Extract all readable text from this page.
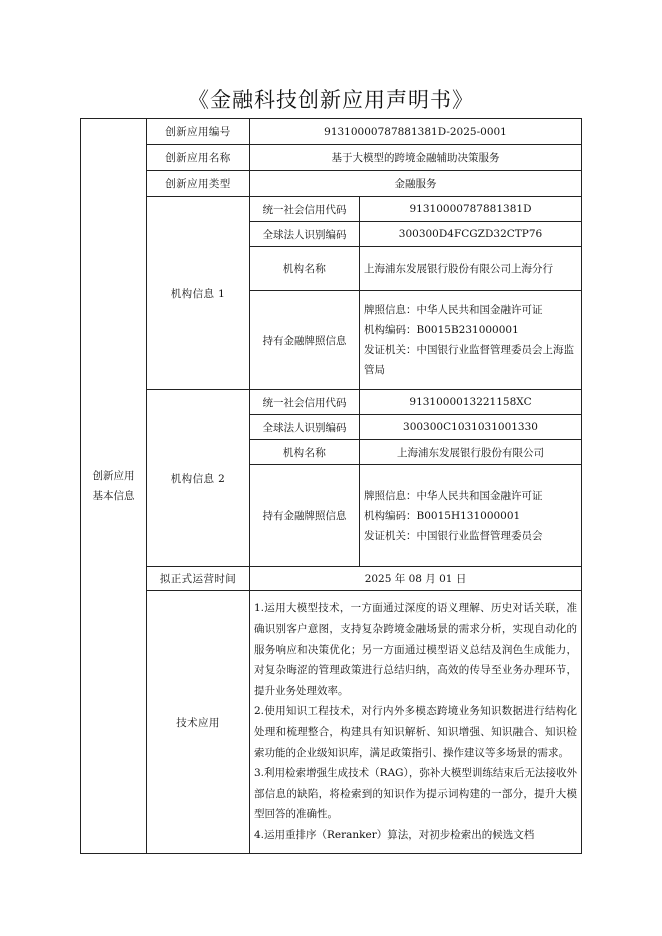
《金融科技创新应用声明书》
创新应用基本信息	创新应用编号	91310000787881381D-2025-0001	
	创新应用名称	基于大模型的跨境金融辅助决策服务	
	创新应用类型	金融服务	
	机构信息 1	统一社会信用代码	91310000787881381D
		全球法人识别编码	300300D4FCGZD32CTP76
		机构名称	上海浦东发展银行股份有限公司上海分行
		持有金融牌照信息	牌照信息：中华人民共和国金融许可证
机构编码：B0015B231000001
发证机关：中国银行业监督管理委员会上海监管局

	机构信息 2	统一社会信用代码	9131000013221158XC
		全球法人识别编码	300300C1031031001330
		机构名称	上海浦东发展银行股份有限公司
		持有金融牌照信息	牌照信息：中华人民共和国金融许可证
机构编码：B0015H131000001
发证机关：中国银行业监督管理委员会

	拟正式运营时间	2025 年 08 月 01 日	
	技术应用	1.运用大模型技术，一方面通过深度的语义理解、历史对话关联，准确识别客户意图，支持复杂跨境金融场景的需求分析，实现自动化的服务响应和决策优化；另一方面通过模型语义总结及润色生成能力，对复杂晦涩的管理政策进行总结归纳，高效的传导至业务办理环节，提升业务处理效率。
2.使用知识工程技术，对行内外多模态跨境业务知识数据进行结构化处理和梳理整合，构建具有知识解析、知识增强、知识融合、知识检索功能的企业级知识库，满足政策指引、操作建议等多场景的需求。
3.利用检索增强生成技术（RAG），弥补大模型训练结束后无法接收外部信息的缺陷，将检索到的知识作为提示词构建的一部分，提升大模型回答的准确性。
4.运用重排序（Reranker）算法，对初步检索出的候选文档	
